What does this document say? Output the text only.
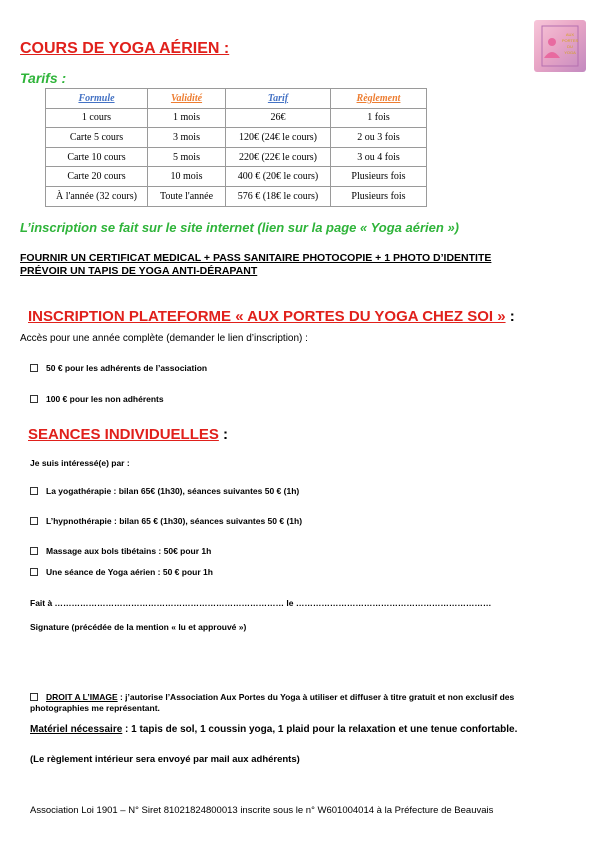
AUX
PORTES
DU
YOGA
COURS DE YOGA AÉRIEN :
Tarifs :
Formule	Validité	Tarif	Règlement
1 cours	1 mois	26€	1 fois
Carte 5 cours	3 mois	120€ (24€ le cours)	2 ou 3 fois
Carte 10 cours	5 mois	220€ (22€ le cours)	3 ou 4 fois
Carte 20 cours	10 mois	400 € (20€ le cours)	Plusieurs fois
À l'année (32 cours)	Toute l'année	576 € (18€ le cours)	Plusieurs fois
L’inscription se fait sur le site internet (lien sur la page « Yoga aérien »)
FOURNIR UN CERTIFICAT MEDICAL + PASS SANITAIRE PHOTOCOPIE + 1 PHOTO D’IDENTITE
PRÉVOIR UN TAPIS DE YOGA ANTI-DÉRAPANT
INSCRIPTION PLATEFORME « AUX PORTES DU YOGA CHEZ SOI » :
Accès pour une année complète (demander le lien d’inscription) :
50 € pour les adhérents de l’association
100 € pour les non adhérents
SEANCES INDIVIDUELLES :
Je suis intéressé(e) par :
La yogathérapie : bilan 65€ (1h30), séances suivantes 50 € (1h)
L’hypnothérapie : bilan 65 € (1h30), séances suivantes 50 € (1h)
Massage aux bols tibétains : 50€ pour 1h
Une séance de Yoga aérien : 50 € pour 1h
Fait à ……………………………………………………………………… le ……………………………………………………………
Signature (précédée de la mention « lu et approuvé »)
DROIT A L’IMAGE : j’autorise l’Association Aux Portes du Yoga à utiliser et diffuser à titre gratuit et non exclusif des photographies me représentant.
Matériel nécessaire : 1 tapis de sol, 1 coussin yoga, 1 plaid pour la relaxation et une tenue confortable.
(Le règlement intérieur sera envoyé par mail aux adhérents)
Association Loi 1901 – N° Siret 81021824800013 inscrite sous le n° W601004014 à la Préfecture de Beauvais
